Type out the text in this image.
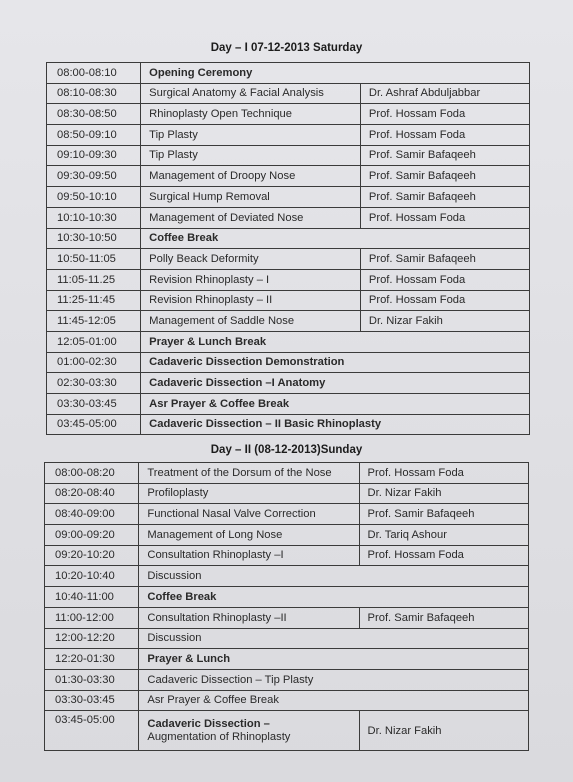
Day – I 07-12-2013 Saturday
08:00-08:10	Opening Ceremony	

08:10-08:30	Surgical Anatomy & Facial Analysis	Dr. Ashraf Abduljabbar
08:30-08:50	Rhinoplasty Open Technique	Prof. Hossam Foda
08:50-09:10	Tip Plasty	Prof. Hossam Foda
09:10-09:30	Tip Plasty	Prof. Samir Bafaqeeh
09:30-09:50	Management of Droopy Nose	Prof. Samir Bafaqeeh
09:50-10:10	Surgical Hump Removal	Prof. Samir Bafaqeeh
10:10-10:30	Management of Deviated Nose	Prof. Hossam Foda
10:30-10:50	Coffee Break	

10:50-11:05	Polly Beack Deformity	Prof. Samir Bafaqeeh
11:05-11.25	Revision Rhinoplasty – I	Prof. Hossam Foda
11:25-11:45	Revision Rhinoplasty – II	Prof. Hossam Foda
11:45-12:05	Management of Saddle Nose	Dr. Nizar Fakih
12:05-01:00	Prayer & Lunch Break	

01:00-02:30	Cadaveric Dissection Demonstration	

02:30-03:30	Cadaveric Dissection –I Anatomy	

03:30-03:45	Asr Prayer & Coffee Break	

03:45-05:00	Cadaveric Dissection – II Basic Rhinoplasty	
Day – II (08-12-2013)Sunday
08:00-08:20	Treatment of the Dorsum of the Nose	Prof. Hossam Foda
08:20-08:40	Profiloplasty	Dr. Nizar Fakih
08:40-09:00	Functional Nasal Valve Correction	Prof. Samir Bafaqeeh
09:00-09:20	Management of Long Nose	Dr. Tariq Ashour
09:20-10:20	Consultation Rhinoplasty –I	Prof. Hossam Foda
10:20-10:40	Discussion	

10:40-11:00	Coffee Break	

11:00-12:00	Consultation Rhinoplasty –II	Prof. Samir Bafaqeeh
12:00-12:20	Discussion	

12:20-01:30	Prayer & Lunch	

01:30-03:30	Cadaveric Dissection – Tip Plasty	

03:30-03:45	Asr Prayer & Coffee Break	

03:45-05:00	Cadaveric Dissection –
Augmentation of Rhinoplasty	Dr. Nizar Fakih
